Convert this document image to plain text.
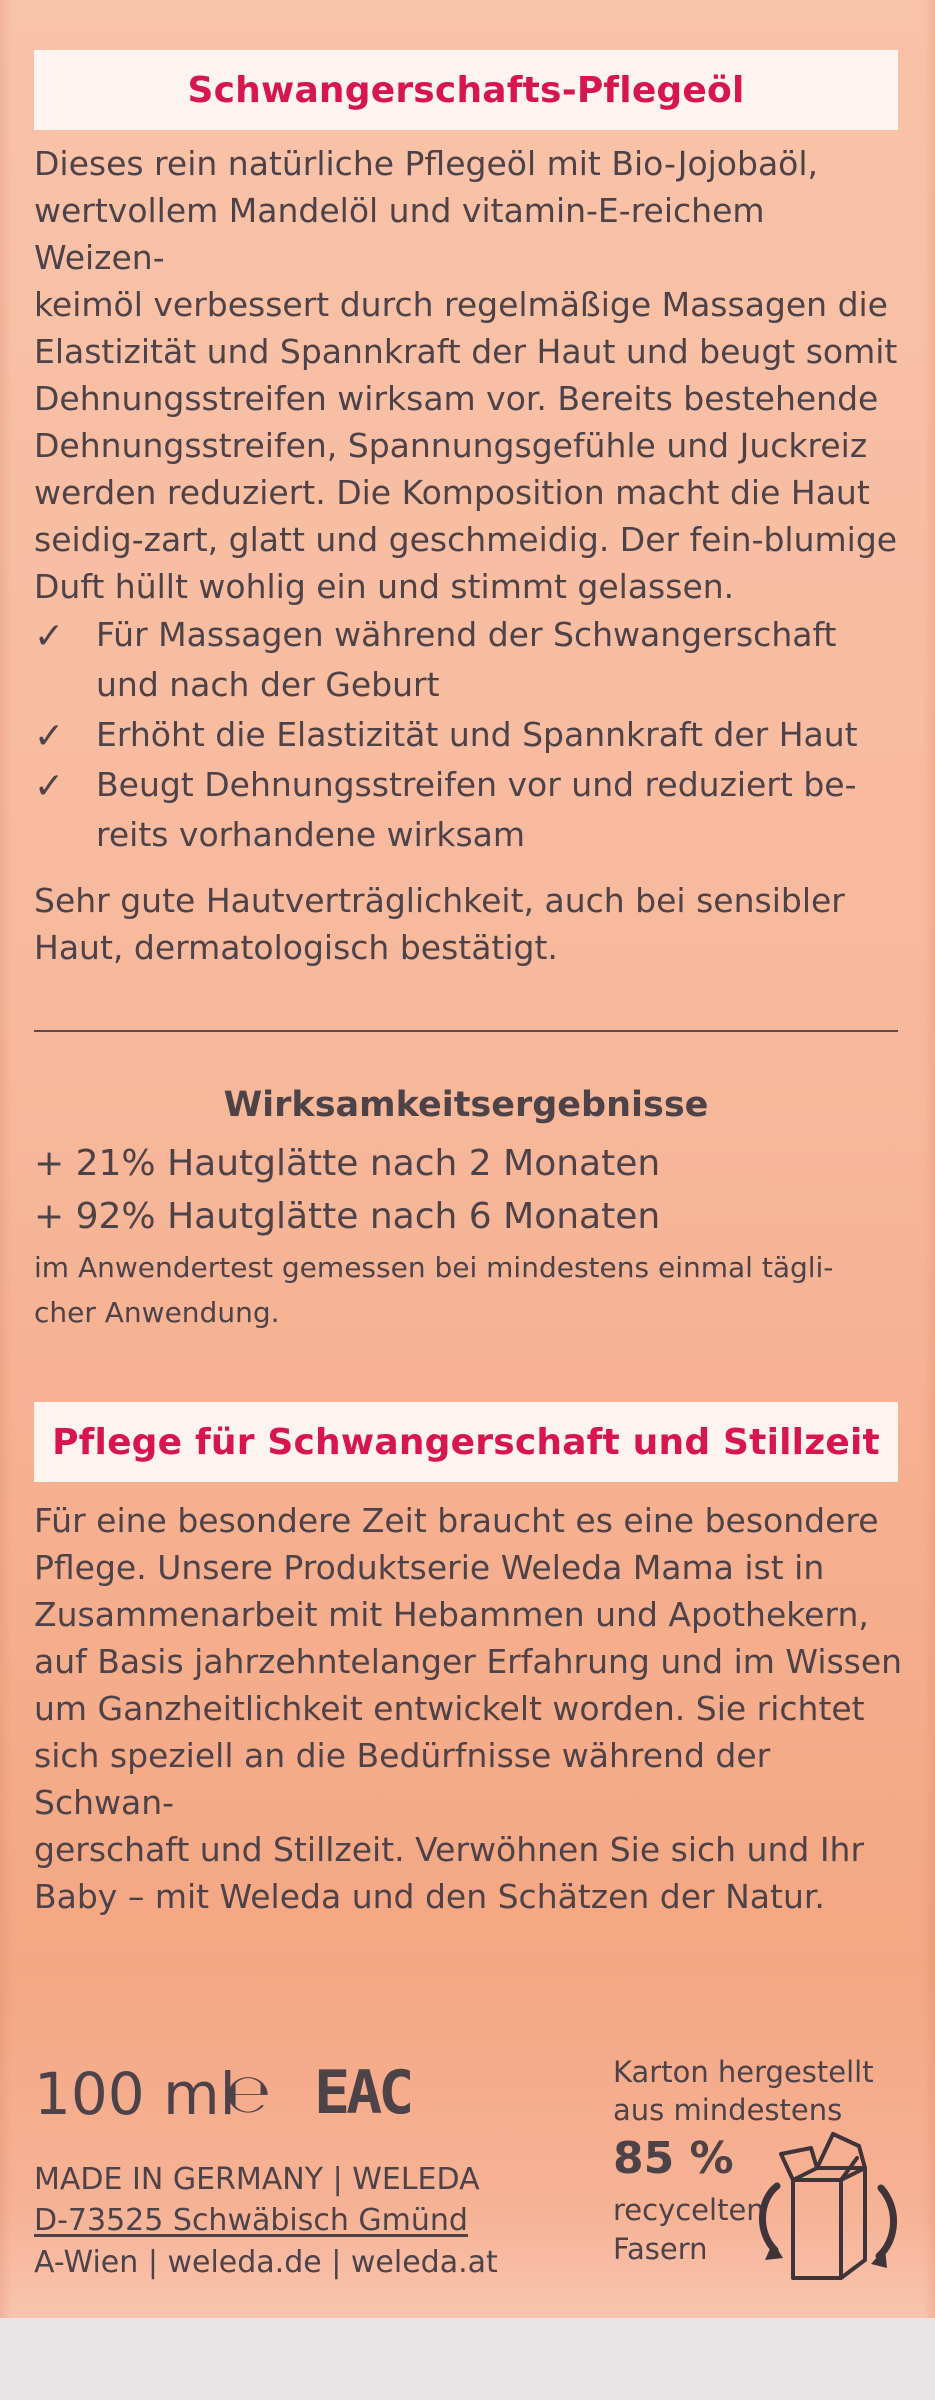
Schwangerschafts-Pflegeöl
Dieses rein natürliche Pflegeöl mit Bio-Jojobaöl,
wertvollem Mandelöl und vitamin-E-reichem Weizen-
keimöl verbessert durch regelmäßige Massagen die
Elastizität und Spannkraft der Haut und beugt somit
Dehnungsstreifen wirksam vor. Bereits bestehende
Dehnungsstreifen, Spannungsgefühle und Juckreiz
werden reduziert. Die Komposition macht die Haut
seidig-zart, glatt und geschmeidig. Der fein-blumige
Duft hüllt wohlig ein und stimmt gelassen.
✓ Für Massagen während der Schwangerschaft
und nach der Geburt
✓ Erhöht die Elastizität und Spannkraft der Haut
✓ Beugt Dehnungsstreifen vor und reduziert be-
reits vorhandene wirksam
Sehr gute Hautverträglichkeit, auch bei sensibler
Haut, dermatologisch bestätigt.
Wirksamkeitsergebnisse
+ 21% Hautglätte nach 2 Monaten
+ 92% Hautglätte nach 6 Monaten
im Anwendertest gemessen bei mindestens einmal tägli-
cher Anwendung.
Pflege für Schwangerschaft und Stillzeit
Für eine besondere Zeit braucht es eine besondere
Pflege. Unsere Produktserie Weleda Mama ist in
Zusammenarbeit mit Hebammen und Apothekern,
auf Basis jahrzehntelanger Erfahrung und im Wissen
um Ganzheitlichkeit entwickelt worden. Sie richtet
sich speziell an die Bedürfnisse während der Schwan-
gerschaft und Stillzeit. Verwöhnen Sie sich und Ihr
Baby – mit Weleda und den Schätzen der Natur.
100 ml
℮ EAC
MADE IN GERMANY | WELEDA
D-73525 Schwäbisch Gmünd
A-Wien | weleda.de | weleda.at
Karton hergestellt
aus mindestens
85 %
recycelten
Fasern
